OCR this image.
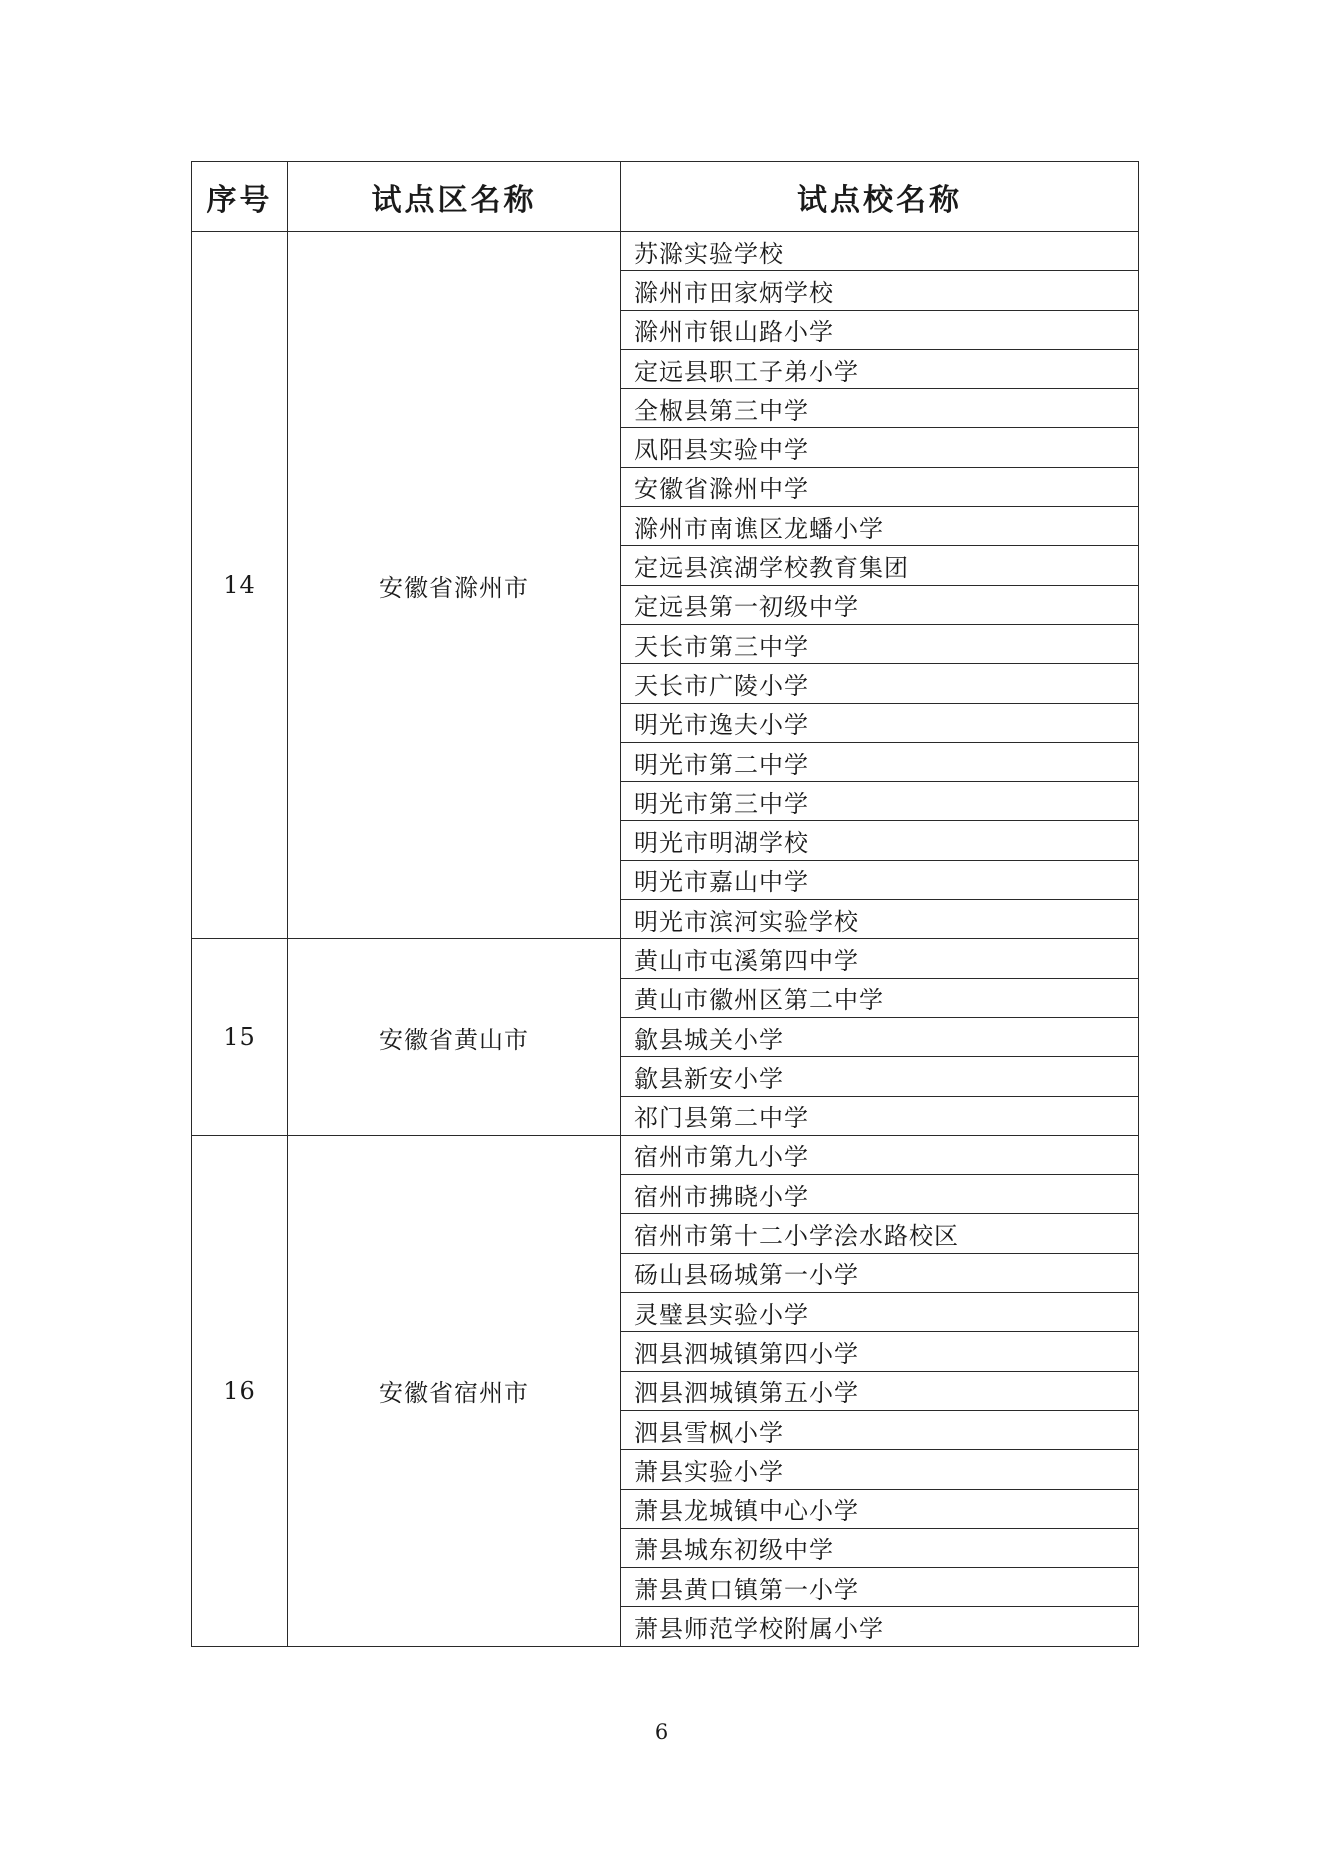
序号	试点区名称	试点校名称
14	安徽省滁州市	苏滁实验学校
		滁州市田家炳学校
		滁州市银山路小学
		定远县职工子弟小学
		全椒县第三中学
		凤阳县实验中学
		安徽省滁州中学
		滁州市南谯区龙蟠小学
		定远县滨湖学校教育集团
		定远县第一初级中学
		天长市第三中学
		天长市广陵小学
		明光市逸夫小学
		明光市第二中学
		明光市第三中学
		明光市明湖学校
		明光市嘉山中学
		明光市滨河实验学校
15	安徽省黄山市	黄山市屯溪第四中学
		黄山市徽州区第二中学
		歙县城关小学
		歙县新安小学
		祁门县第二中学
16	安徽省宿州市	宿州市第九小学
		宿州市拂晓小学
		宿州市第十二小学浍水路校区
		砀山县砀城第一小学
		灵璧县实验小学
		泗县泗城镇第四小学
		泗县泗城镇第五小学
		泗县雪枫小学
		萧县实验小学
		萧县龙城镇中心小学
		萧县城东初级中学
		萧县黄口镇第一小学
		萧县师范学校附属小学
6
